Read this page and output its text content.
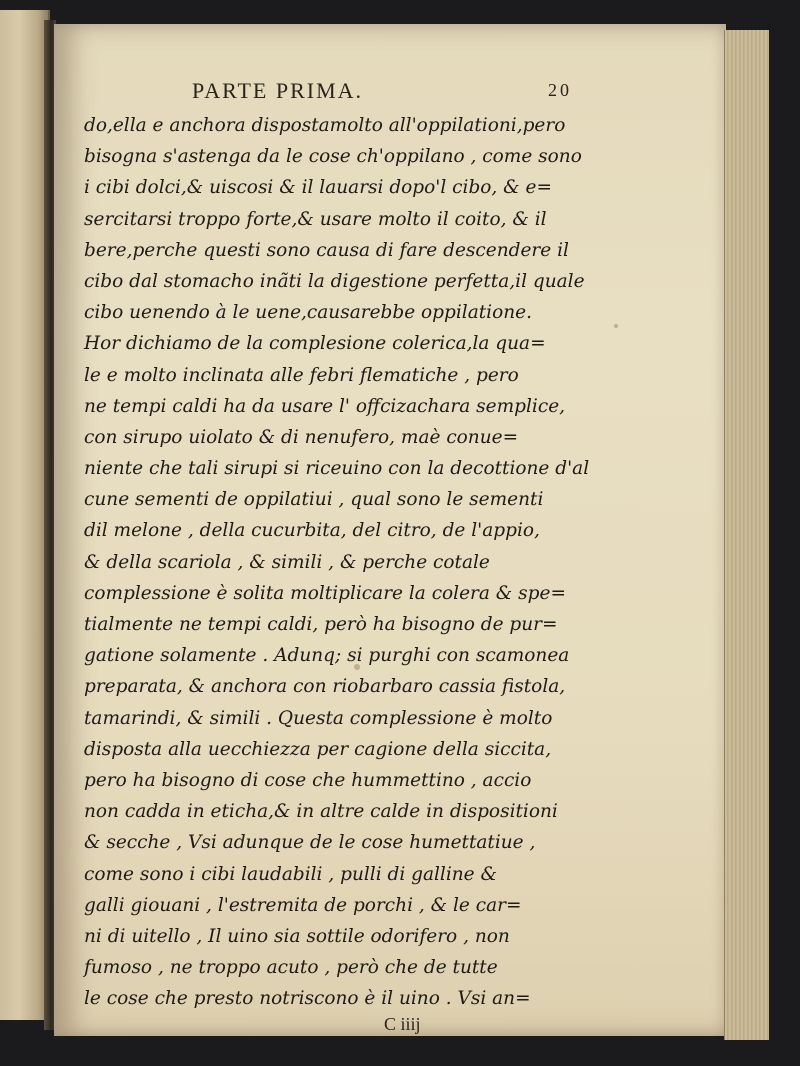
PARTE PRIMA.	20
do,ella e anchora dispostamolto all'oppilationi,pero
bisogna s'astenga da le cose ch'oppilano , come sono
i cibi dolci,& uiscosi & il lauarsi dopo'l cibo, & e=
sercitarsi troppo forte,& usare molto il coito, & il
bere,perche questi sono causa di fare descendere il
cibo dal stomacho inãti la digestione perfetta,il quale
cibo uenendo à le uene,causarebbe oppilatione.
Hor dichiamo de la complesione colerica,la qua=
le e molto inclinata alle febri flematiche , pero
ne tempi caldi ha da usare l' offcizachara semplice,
con sirupo uiolato & di nenufero, maè conue=
niente che tali sirupi si riceuino con la decottione d'al
cune sementi de oppilatiui , qual sono le sementi
dil melone , della cucurbita, del citro, de l'appio,
& della scariola , & simili , & perche cotale
complessione è solita moltiplicare la colera & spe=
tialmente ne tempi caldi, però ha bisogno de pur=
gatione solamente . Adunq; si purghi con scamonea
preparata, & anchora con riobarbaro cassia fistola,
tamarindi, & simili . Questa complessione è molto
disposta alla uecchiezza per cagione della siccita,
pero ha bisogno di cose che hummettino , accio
non cadda in eticha,& in altre calde in dispositioni
& secche , Vsi adunque de le cose humettatiue ,
come sono i cibi laudabili , pulli di galline &
galli giouani , l'estremita de porchi , & le car=
ni di uitello , Il uino sia sottile odorifero , non
fumoso , ne troppo acuto , però che de tutte
le cose che presto notriscono è il uino . Vsi an=
C iiij
